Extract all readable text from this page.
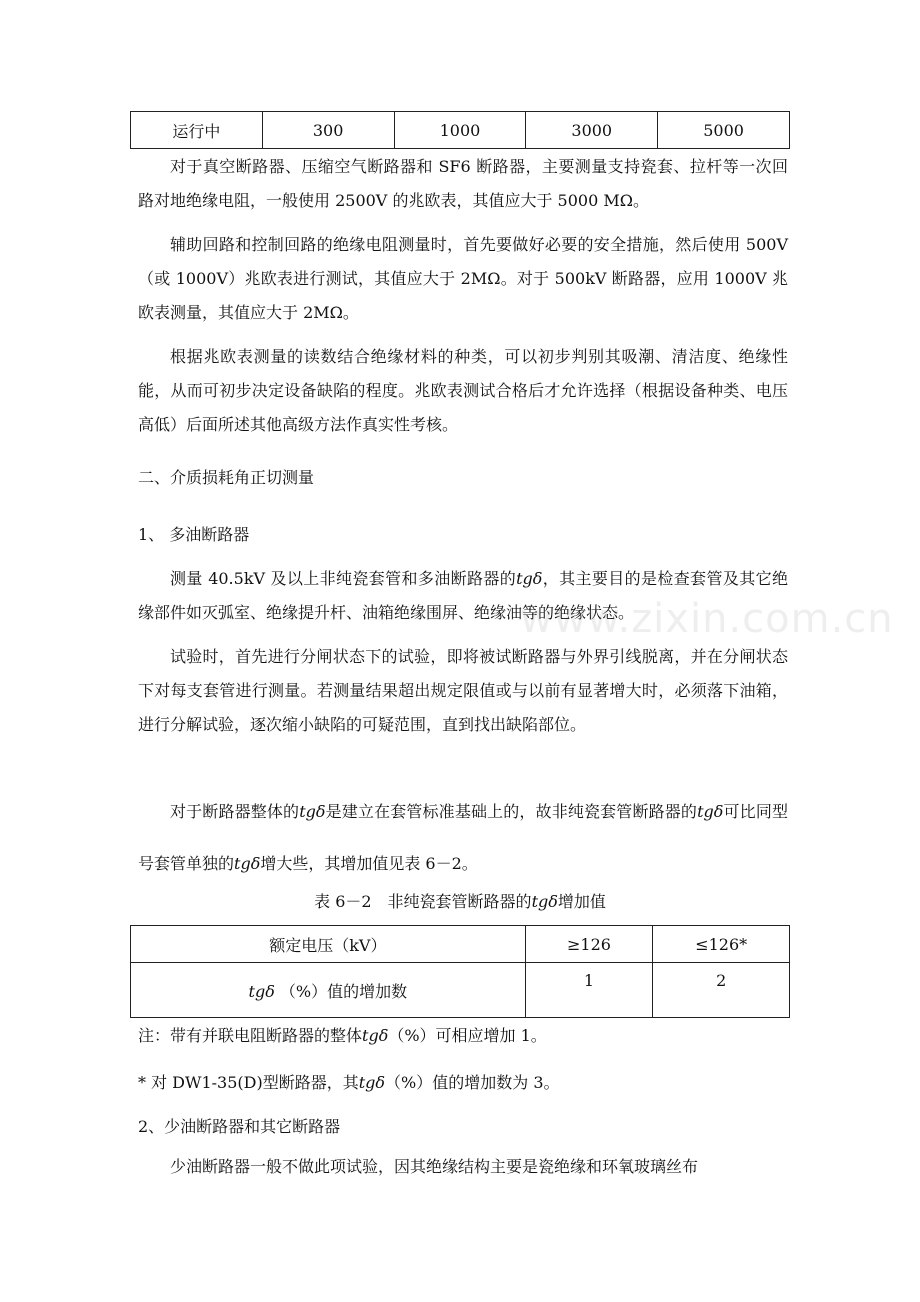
运行中	300	1000	3000	5000

对于真空断路器、压缩空气断路器和 SF6 断路器，主要测量支持瓷套、拉杆等一次回路对地绝缘电阻，一般使用 2500V 的兆欧表，其值应大于 5000 MΩ。

辅助回路和控制回路的绝缘电阻测量时，首先要做好必要的安全措施，然后使用 500V（或 1000V）兆欧表进行测试，其值应大于 2MΩ。对于 500kV 断路器，应用 1000V 兆欧表测量，其值应大于 2MΩ。

根据兆欧表测量的读数结合绝缘材料的种类，可以初步判别其吸潮、清洁度、绝缘性能，从而可初步决定设备缺陷的程度。兆欧表测试合格后才允许选择（根据设备种类、电压高低）后面所述其他高级方法作真实性考核。

二、介质损耗角正切测量

1、 多油断路器

测量 40.5kV 及以上非纯瓷套管和多油断路器的tgδ，其主要目的是检查套管及其它绝缘部件如灭弧室、绝缘提升杆、油箱绝缘围屏、绝缘油等的绝缘状态。

试验时，首先进行分闸状态下的试验，即将被试断路器与外界引线脱离，并在分闸状态下对每支套管进行测量。若测量结果超出规定限值或与以前有显著增大时，必须落下油箱，进行分解试验，逐次缩小缺陷的可疑范围，直到找出缺陷部位。

对于断路器整体的tgδ是建立在套管标准基础上的，故非纯瓷套管断路器的tgδ可比同型号套管单独的tgδ增大些，其增加值见表 6－2。

表 6－2　非纯瓷套管断路器的tgδ增加值
额定电压（kV）	≥126	≤126*
tgδ （%）值的增加数	1	2

注：带有并联电阻断路器的整体tgδ（%）可相应增加 1。

* 对 DW1-35(D)型断路器，其tgδ（%）值的增加数为 3。

2、少油断路器和其它断路器

少油断路器一般不做此项试验，因其绝缘结构主要是瓷绝缘和环氧玻璃丝布

www.zixin.com.cn
